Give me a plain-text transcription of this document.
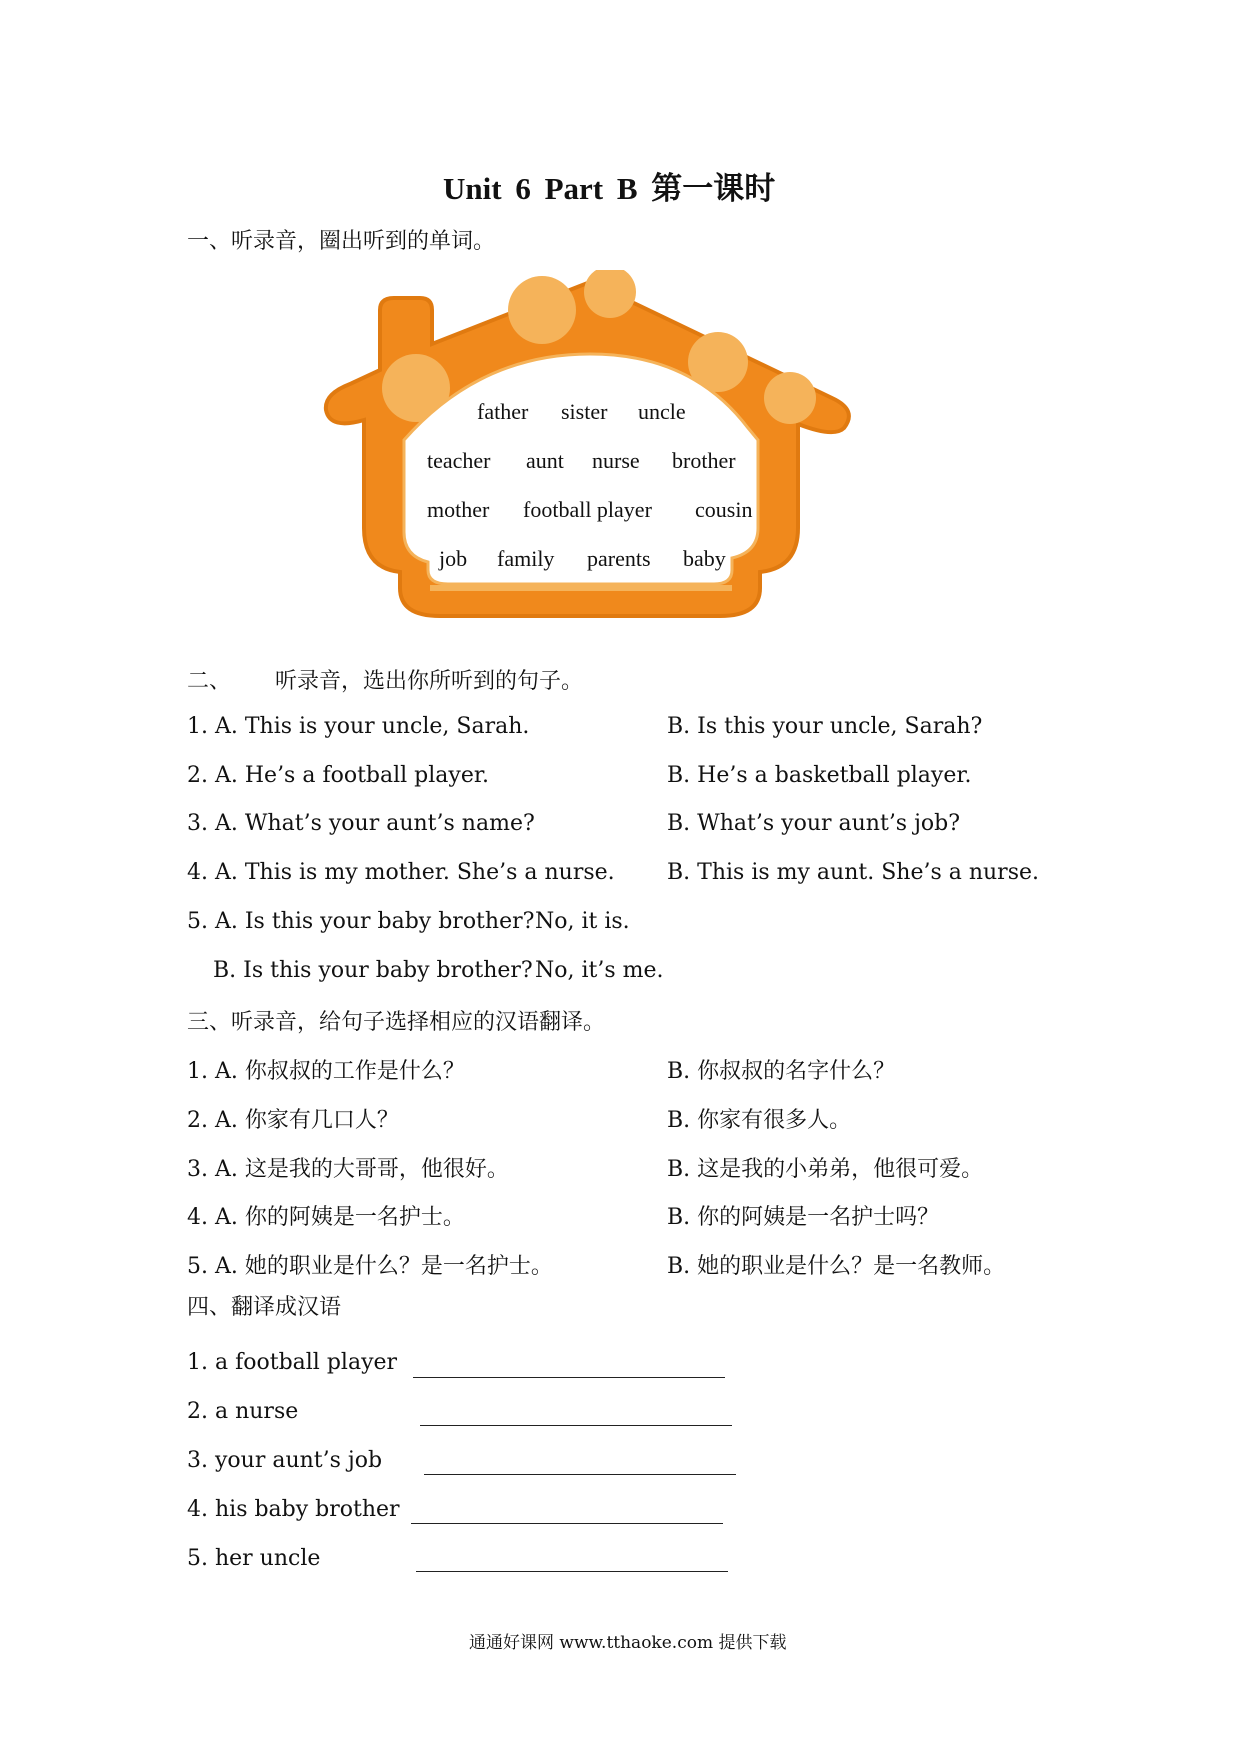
Unit 6 Part B 第一课时
一、听录音，圈出听到的单词。
father sister uncle
teacher aunt nurse brother
mother football player cousin
job family parents baby
二、 听录音，选出你所听到的句子。
1. A. This is your uncle, Sarah.	B. Is this your uncle, Sarah?
2. A. He’s a football player.	B. He’s a basketball player.
3. A. What’s your aunt’s name?	B. What’s your aunt’s job?
4. A. This is my mother. She’s a nurse. B. This is my aunt. She’s a nurse.
5. A. Is this your baby brother? No, it is.
B. Is this your baby brother? No, it’s me.
三、听录音，给句子选择相应的汉语翻译。
1. A. 你叔叔的工作是什么？	B. 你叔叔的名字什么？
2. A. 你家有几口人？	B. 你家有很多人。
3. A. 这是我的大哥哥，他很好。	B. 这是我的小弟弟，他很可爱。
4. A. 你的阿姨是一名护士。	B. 你的阿姨是一名护士吗？
5. A. 她的职业是什么？是一名护士。	B. 她的职业是什么？是一名教师。
四、翻译成汉语
1. a football player
2. a nurse
3. your aunt’s job
4. his baby brother
5. her uncle
通通好课网 www.tthaoke.com 提供下载
